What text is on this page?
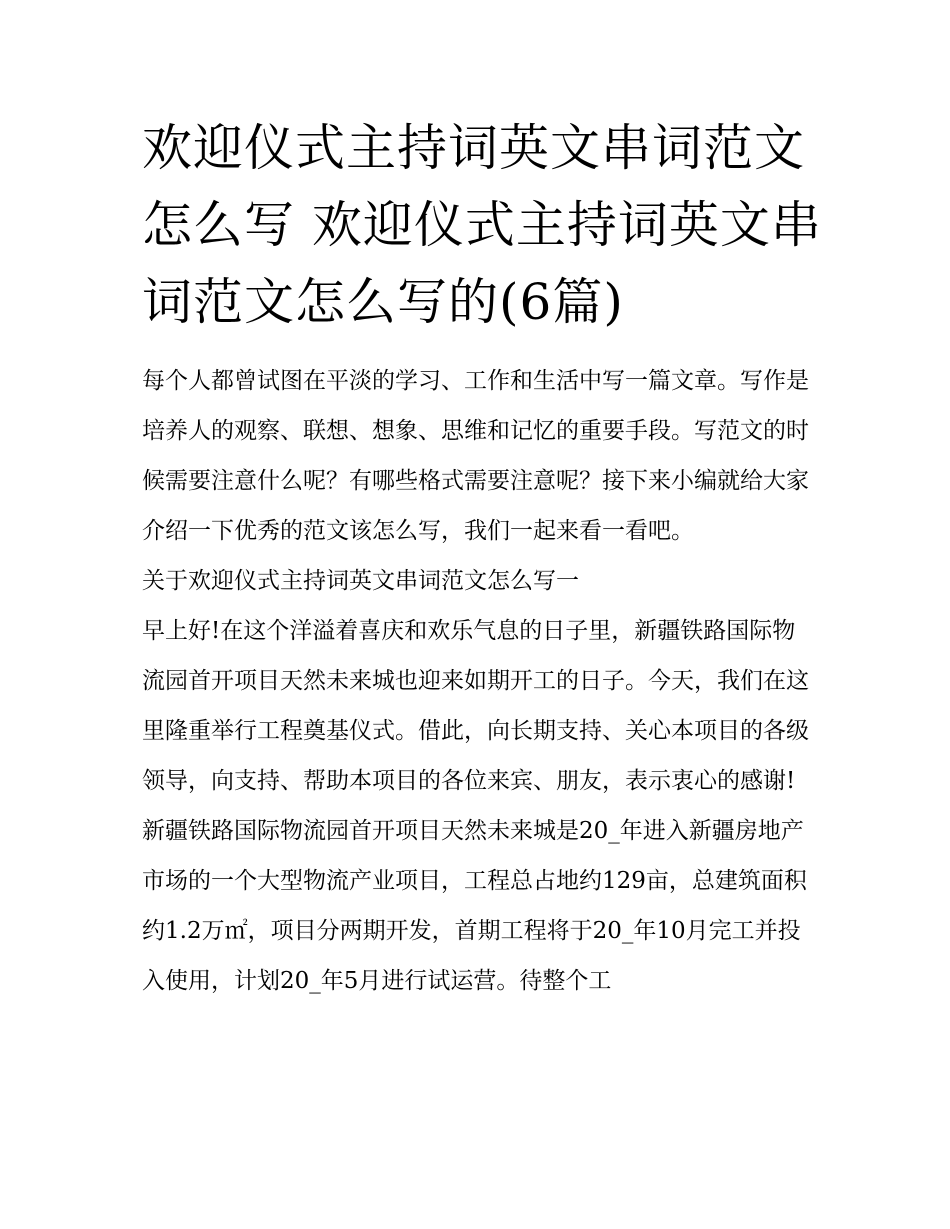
欢迎仪式主持词英文串词范文怎么写 欢迎仪式主持词英文串词范文怎么写的(6篇)

每个人都曾试图在平淡的学习、工作和生活中写一篇文章。写作是培养人的观察、联想、想象、思维和记忆的重要手段。写范文的时候需要注意什么呢？有哪些格式需要注意呢？接下来小编就给大家介绍一下优秀的范文该怎么写，我们一起来看一看吧。

关于欢迎仪式主持词英文串词范文怎么写一

早上好!在这个洋溢着喜庆和欢乐气息的日子里，新疆铁路国际物流园首开项目天然未来城也迎来如期开工的日子。今天，我们在这里隆重举行工程奠基仪式。借此，向长期支持、关心本项目的各级领导，向支持、帮助本项目的各位来宾、朋友，表示衷心的感谢!

新疆铁路国际物流园首开项目天然未来城是20_年进入新疆房地产市场的一个大型物流产业项目，工程总占地约129亩，总建筑面积约1.2万㎡，项目分两期开发，首期工程将于20_年10月完工并投入使用，计划20_年5月进行试运营。待整个工
